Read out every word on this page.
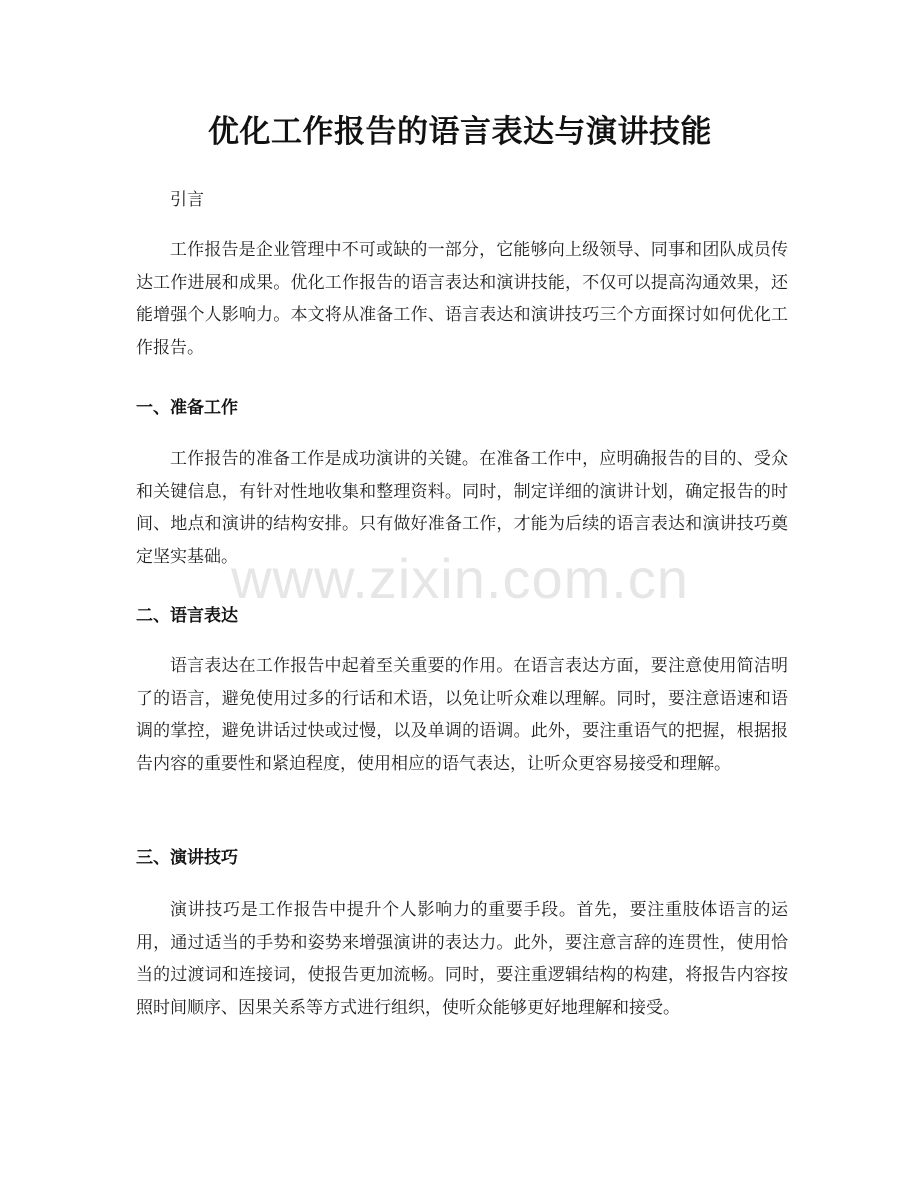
优化工作报告的语言表达与演讲技能

引言

工作报告是企业管理中不可或缺的一部分，它能够向上级领导、同事和团队成员传达工作进展和成果。优化工作报告的语言表达和演讲技能，不仅可以提高沟通效果，还能增强个人影响力。本文将从准备工作、语言表达和演讲技巧三个方面探讨如何优化工作报告。

一、准备工作

工作报告的准备工作是成功演讲的关键。在准备工作中，应明确报告的目的、受众和关键信息，有针对性地收集和整理资料。同时，制定详细的演讲计划，确定报告的时间、地点和演讲的结构安排。只有做好准备工作，才能为后续的语言表达和演讲技巧奠定坚实基础。

二、语言表达

语言表达在工作报告中起着至关重要的作用。在语言表达方面，要注意使用简洁明了的语言，避免使用过多的行话和术语，以免让听众难以理解。同时，要注意语速和语调的掌控，避免讲话过快或过慢，以及单调的语调。此外，要注重语气的把握，根据报告内容的重要性和紧迫程度，使用相应的语气表达，让听众更容易接受和理解。

三、演讲技巧

演讲技巧是工作报告中提升个人影响力的重要手段。首先，要注重肢体语言的运用，通过适当的手势和姿势来增强演讲的表达力。此外，要注意言辞的连贯性，使用恰当的过渡词和连接词，使报告更加流畅。同时，要注重逻辑结构的构建，将报告内容按照时间顺序、因果关系等方式进行组织，使听众能够更好地理解和接受。

www.zixin.com.cn
